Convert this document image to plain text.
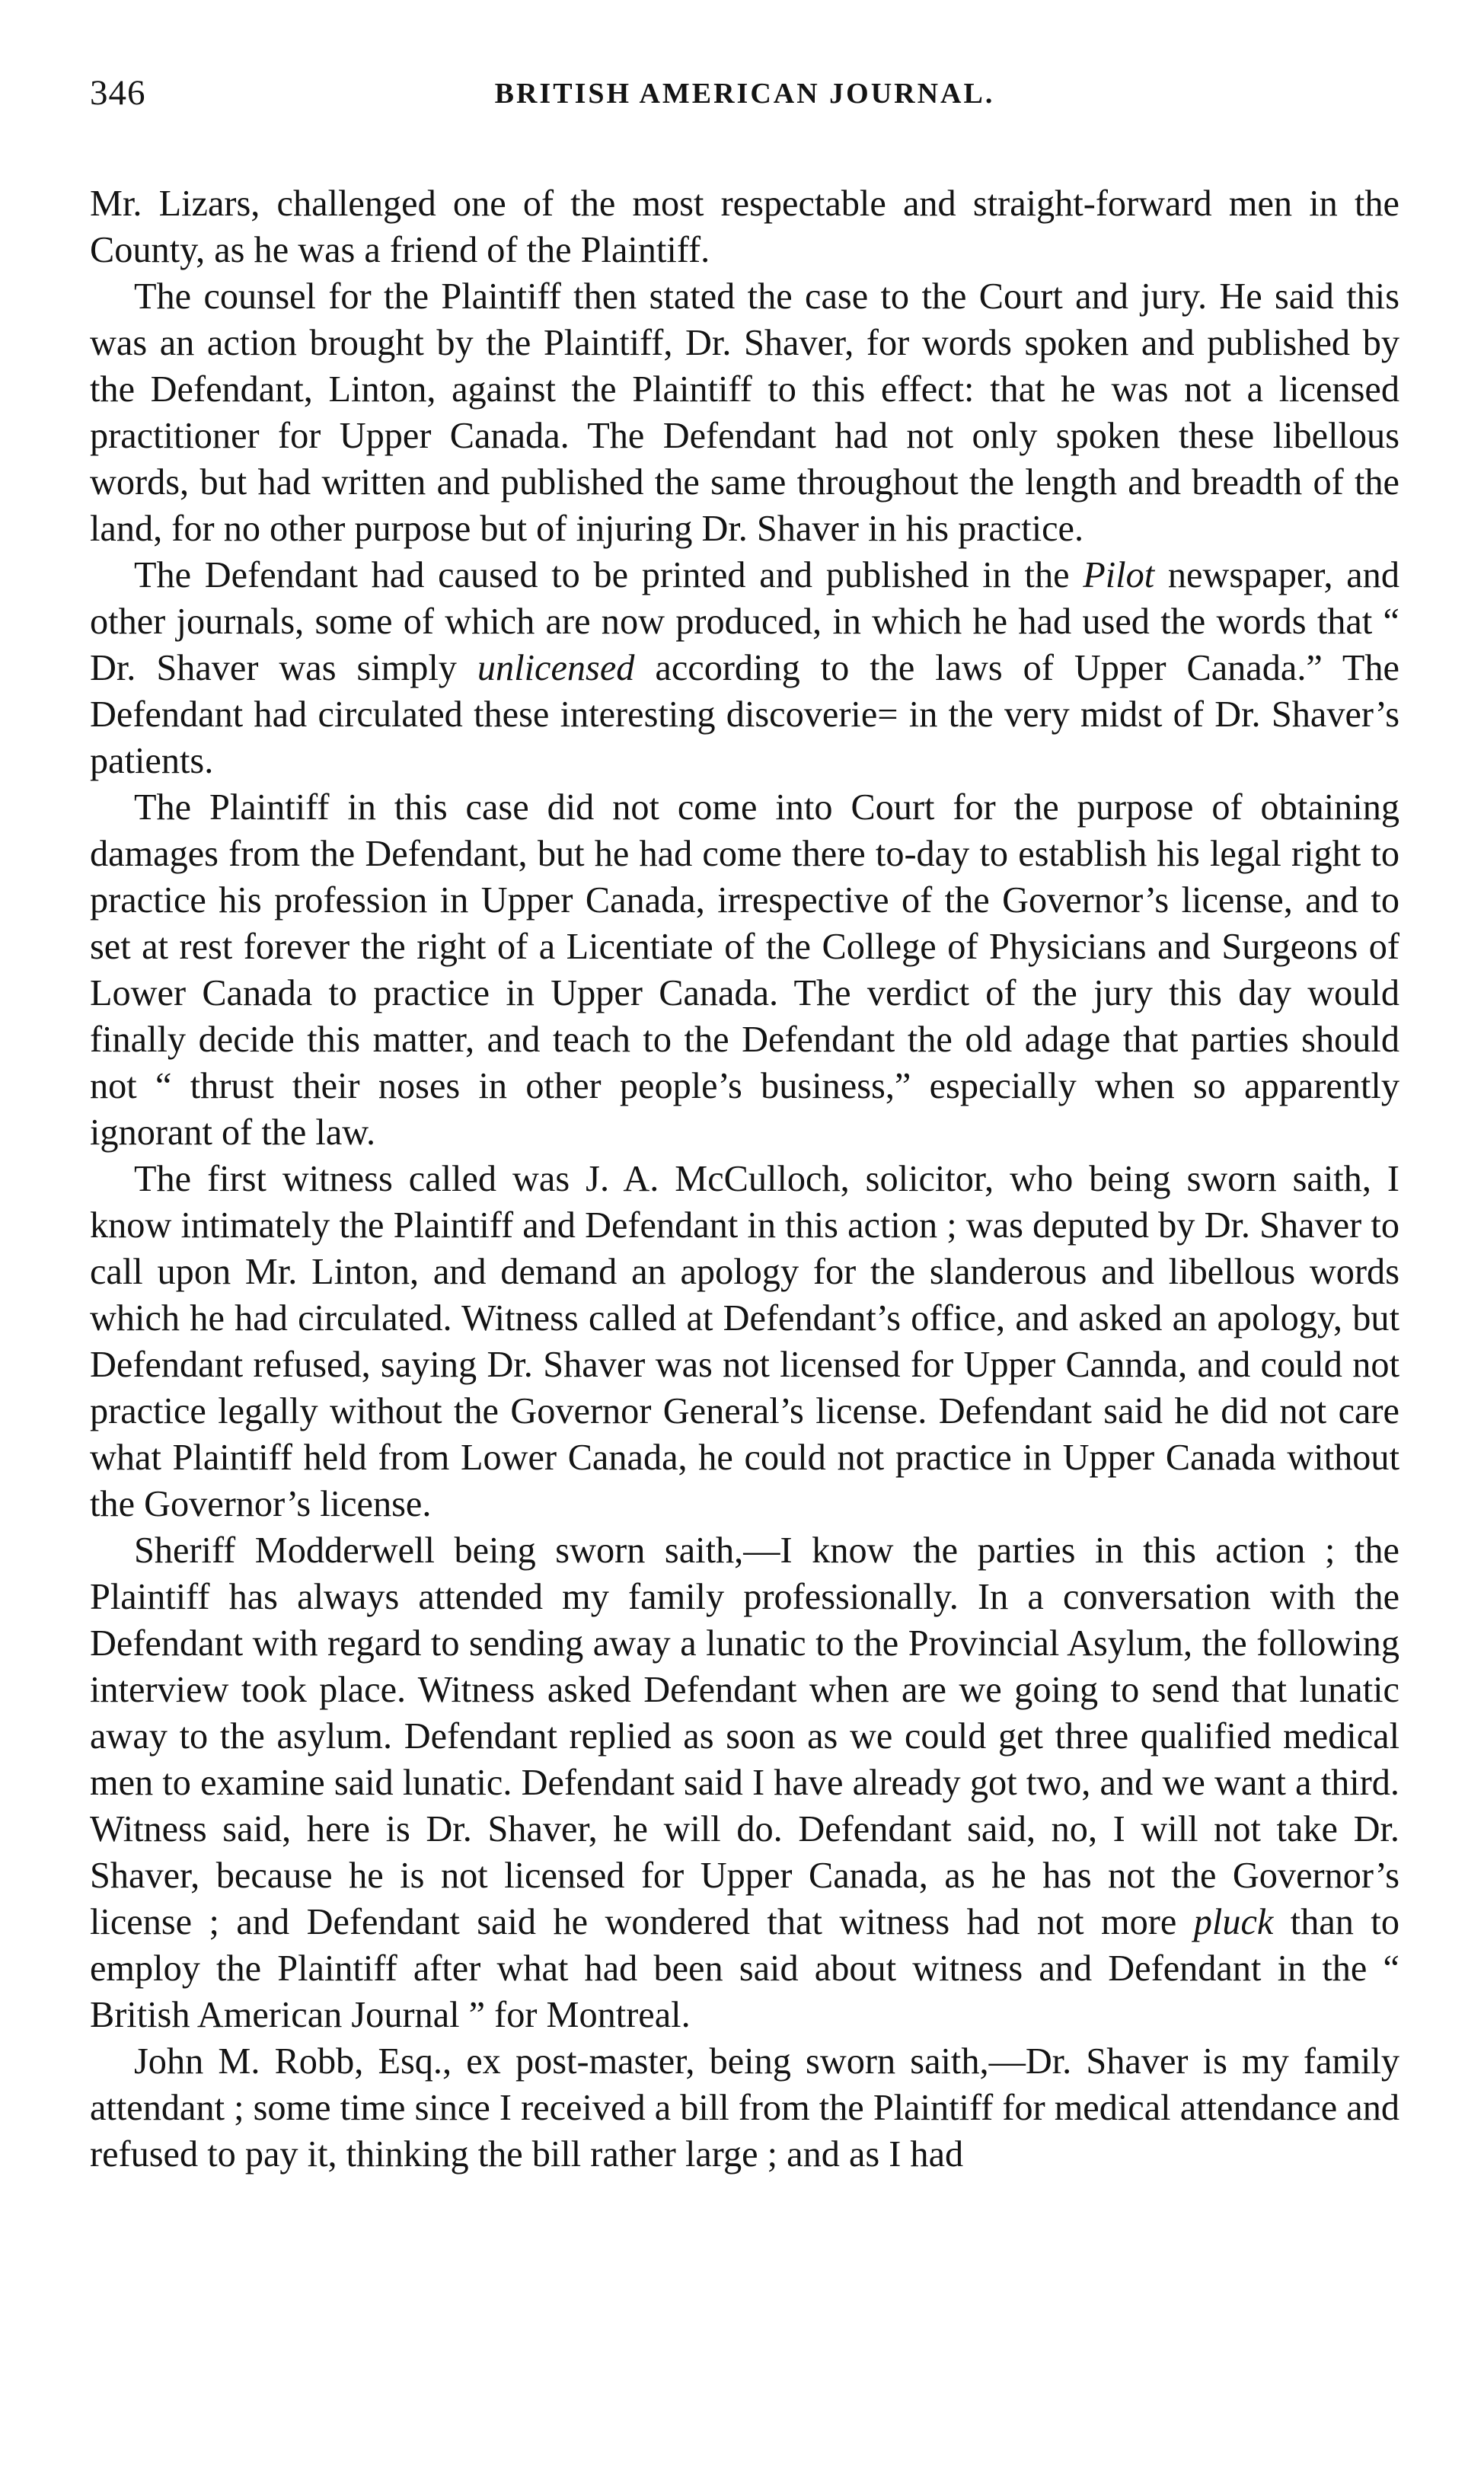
346	BRITISH AMERICAN JOURNAL.

Mr. Lizars, challenged one of the most respectable and straight-forward men in the County, as he was a friend of the Plaintiff.

The counsel for the Plaintiff then stated the case to the Court and jury. He said this was an action brought by the Plaintiff, Dr. Shaver, for words spoken and published by the Defendant, Linton, against the Plaintiff to this effect: that he was not a licensed practitioner for Upper Canada. The Defendant had not only spoken these libellous words, but had written and published the same throughout the length and breadth of the land, for no other purpose but of injuring Dr. Shaver in his practice.

The Defendant had caused to be printed and published in the Pilot newspaper, and other journals, some of which are now produced, in which he had used the words that “ Dr. Shaver was simply unlicensed according to the laws of Upper Canada.” The Defendant had circulated these interesting discoverie= in the very midst of Dr. Shaver’s patients.

The Plaintiff in this case did not come into Court for the purpose of obtaining damages from the Defendant, but he had come there to-day to establish his legal right to practice his profession in Upper Canada, irrespective of the Governor’s license, and to set at rest forever the right of a Licentiate of the College of Physicians and Surgeons of Lower Canada to practice in Upper Canada. The verdict of the jury this day would finally decide this matter, and teach to the Defendant the old adage that parties should not “ thrust their noses in other people’s business,” especially when so apparently ignorant of the law.

The first witness called was J. A. McCulloch, solicitor, who being sworn saith, I know intimately the Plaintiff and Defendant in this action ; was deputed by Dr. Shaver to call upon Mr. Linton, and demand an apology for the slanderous and libellous words which he had circulated. Witness called at Defendant’s office, and asked an apology, but Defendant refused, saying Dr. Shaver was not licensed for Upper Cannda, and could not practice legally without the Governor General’s license. Defendant said he did not care what Plaintiff held from Lower Canada, he could not practice in Upper Canada without the Governor’s license.

Sheriff Modderwell being sworn saith,—I know the parties in this action ; the Plaintiff has always attended my family professionally. In a conversation with the Defendant with regard to sending away a lunatic to the Provincial Asylum, the following interview took place. Witness asked Defendant when are we going to send that lunatic away to the asylum. Defendant replied as soon as we could get three qualified medical men to examine said lunatic. Defendant said I have already got two, and we want a third. Witness said, here is Dr. Shaver, he will do. Defendant said, no, I will not take Dr. Shaver, because he is not licensed for Upper Canada, as he has not the Governor’s license ; and Defendant said he wondered that witness had not more pluck than to employ the Plaintiff after what had been said about witness and Defendant in the “ British American Journal ” for Montreal.

John M. Robb, Esq., ex post-master, being sworn saith,—Dr. Shaver is my family attendant ; some time since I received a bill from the Plaintiff for medical attendance and refused to pay it, thinking the bill rather large ; and as I had
